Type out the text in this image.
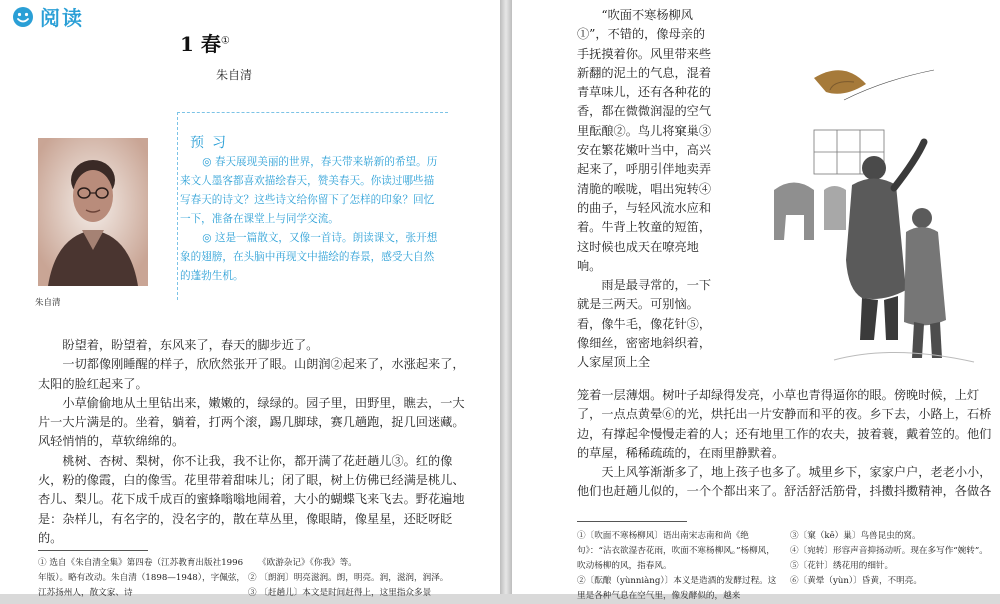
阅读
1 春①
朱自清
朱自清
预习

◎ 春天展现美丽的世界，春天带来崭新的希望。历来文人墨客都喜欢描绘春天，赞美春天。你读过哪些描写春天的诗文？这些诗文给你留下了怎样的印象？回忆一下，准备在课堂上与同学交流。

◎ 这是一篇散文，又像一首诗。朗读课文，张开想象的翅膀，在头脑中再现文中描绘的春景，感受大自然的蓬勃生机。

盼望着，盼望着，东风来了，春天的脚步近了。

一切都像刚睡醒的样子，欣欣然张开了眼。山朗润②起来了，水涨起来了，太阳的脸红起来了。

小草偷偷地从土里钻出来，嫩嫩的，绿绿的。园子里，田野里，瞧去，一大片一大片满是的。坐着，躺着，打两个滚，踢几脚球，赛几趟跑，捉几回迷藏。风轻悄悄的，草软绵绵的。

桃树、杏树、梨树，你不让我，我不让你，都开满了花赶趟儿③。红的像火，粉的像霞，白的像雪。花里带着甜味儿；闭了眼，树上仿佛已经满是桃儿、杏儿、梨儿。花下成千成百的蜜蜂嗡嗡地闹着，大小的蝴蝶飞来飞去。野花遍地是：杂样儿，有名字的，没名字的，散在草丛里，像眼睛，像星星，还眨呀眨的。

① 选自《朱自清全集》第四卷（江苏教育出版社1996年版）。略有改动。朱自清（1898—1948），字佩弦，江苏扬州人，散文家、诗
《欧游杂记》《你我》等。
② 〔朗润〕明亮滋润。朗，明亮。润，滋润，润泽。
③ 〔赶趟儿〕本文是时间赶得上，这里指众多景

“吹面不寒杨柳风①”，不错的，像母亲的手抚摸着你。风里带来些新翻的泥土的气息，混着青草味儿，还有各种花的香，都在微微润湿的空气里酝酿②。鸟儿将窠巢③安在繁花嫩叶当中，高兴起来了，呼朋引伴地卖弄清脆的喉咙，唱出宛转④的曲子，与轻风流水应和着。牛背上牧童的短笛，这时候也成天在嘹亮地响。

雨是最寻常的，一下就是三两天。可别恼。看，像牛毛，像花针⑤，像细丝，密密地斜织着，人家屋顶上全

笼着一层薄烟。树叶子却绿得发亮，小草也青得逼你的眼。傍晚时候，上灯了，一点点黄晕⑥的光，烘托出一片安静而和平的夜。乡下去，小路上，石桥边，有撑起伞慢慢走着的人；还有地里工作的农夫，披着蓑，戴着笠的。他们的草屋，稀稀疏疏的，在雨里静默着。

天上风筝渐渐多了，地上孩子也多了。城里乡下，家家户户，老老小小，他们也赶趟儿似的，一个个都出来了。舒活舒活筋骨，抖擞抖擞精神，各做各

①〔吹面不寒杨柳风〕语出南宋志南和尚《绝句》：“沾衣欲湿杏花雨，吹面不寒杨柳风。”杨柳风，吹动杨柳的风，指春风。
②〔酝酿（yùnniàng）〕本义是造酒的发酵过程。这里是各种气息在空气里，像发酵似的，越来
③〔窠（kē）巢〕鸟兽昆虫的窝。
④〔宛转〕形容声音抑扬动听。现在多写作“婉转”。
⑤〔花针〕绣花用的细针。
⑥〔黄晕（yùn）〕昏黄，不明亮。
